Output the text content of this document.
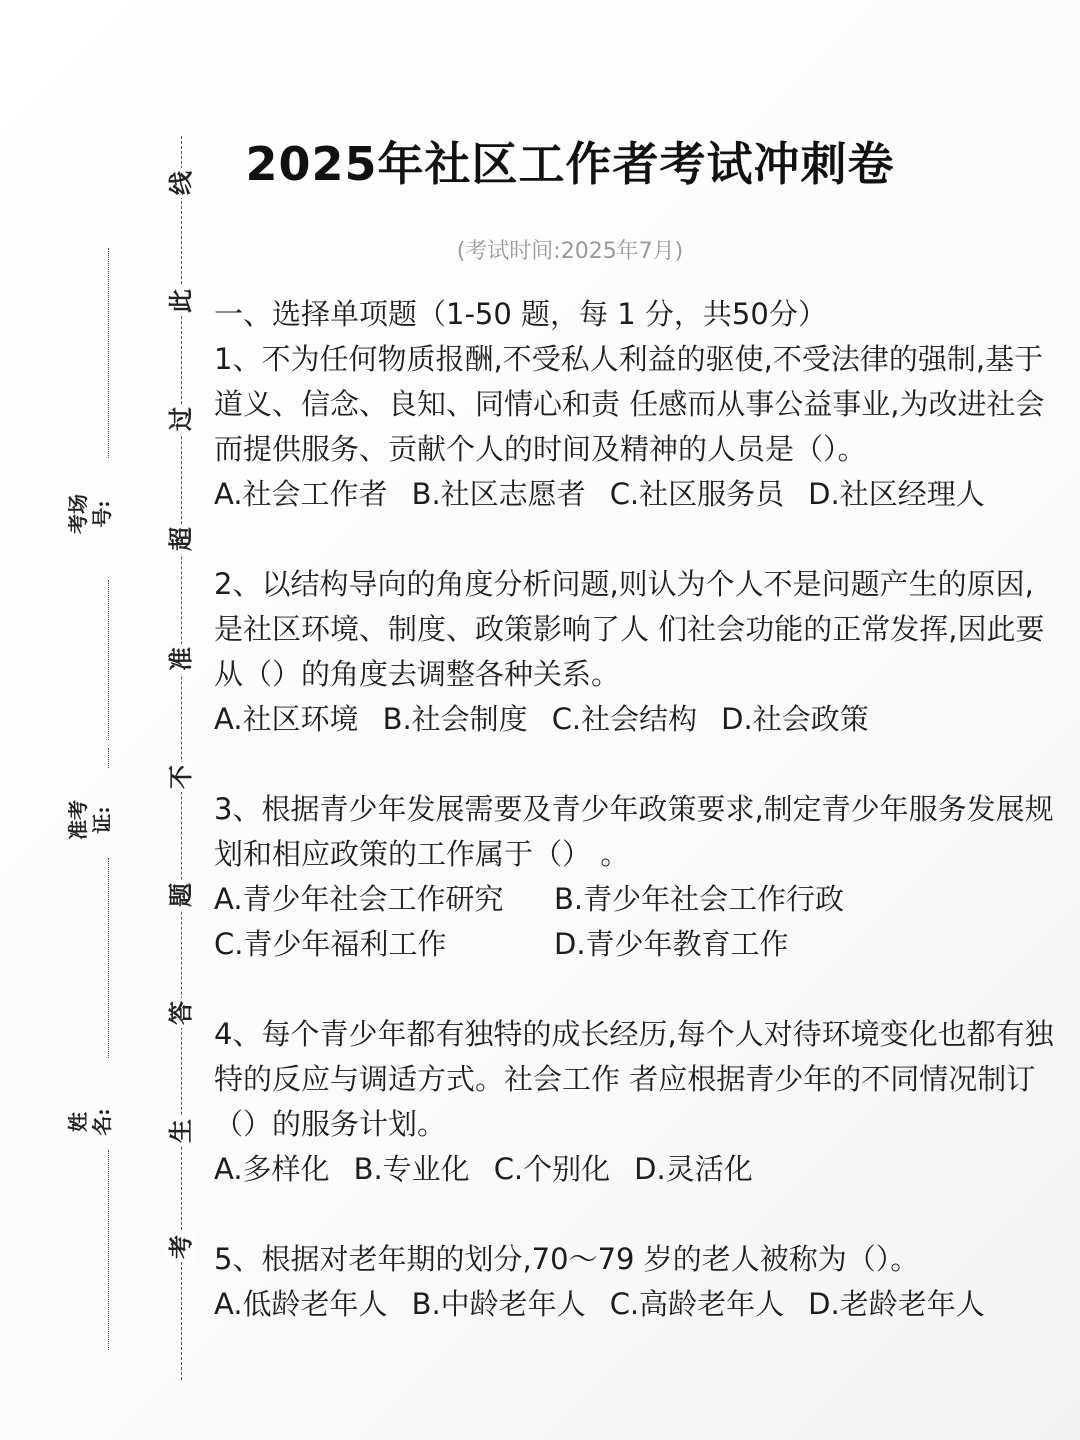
线
此
过
超
准
不
题
答
生
考
考场号:
准考证:
姓名:
2025年社区工作者考试冲刺卷
(考试时间:2025年7月)

一、选择单项题（1-50 题，每 1 分，共50分）

1、不为任何物质报酬,不受私人利益的驱使,不受法律的强制,基于道义、信念、良知、同情心和责 任感而从事公益事业,为改进社会而提供服务、贡献个人的时间及精神的人员是（）。

A.社会工作者 B.社区志愿者 C.社区服务员 D.社区经理人

2、以结构导向的角度分析问题,则认为个人不是问题产生的原因,是社区环境、制度、政策影响了人 们社会功能的正常发挥,因此要从（）的角度去调整各种关系。

A.社区环境 B.社会制度 C.社会结构 D.社会政策

3、根据青少年发展需要及青少年政策要求,制定青少年服务发展规划和相应政策的工作属于（） 。

A.青少年社会工作研究	B.青少年社会工作行政
C.青少年福利工作	D.青少年教育工作

4、每个青少年都有独特的成长经历,每个人对待环境变化也都有独特的反应与调适方式。社会工作 者应根据青少年的不同情况制订（）的服务计划。

A.多样化 B.专业化 C.个别化 D.灵活化

5、根据对老年期的划分,70～79 岁的老人被称为（）。

A.低龄老年人 B.中龄老年人 C.高龄老年人 D.老龄老年人
